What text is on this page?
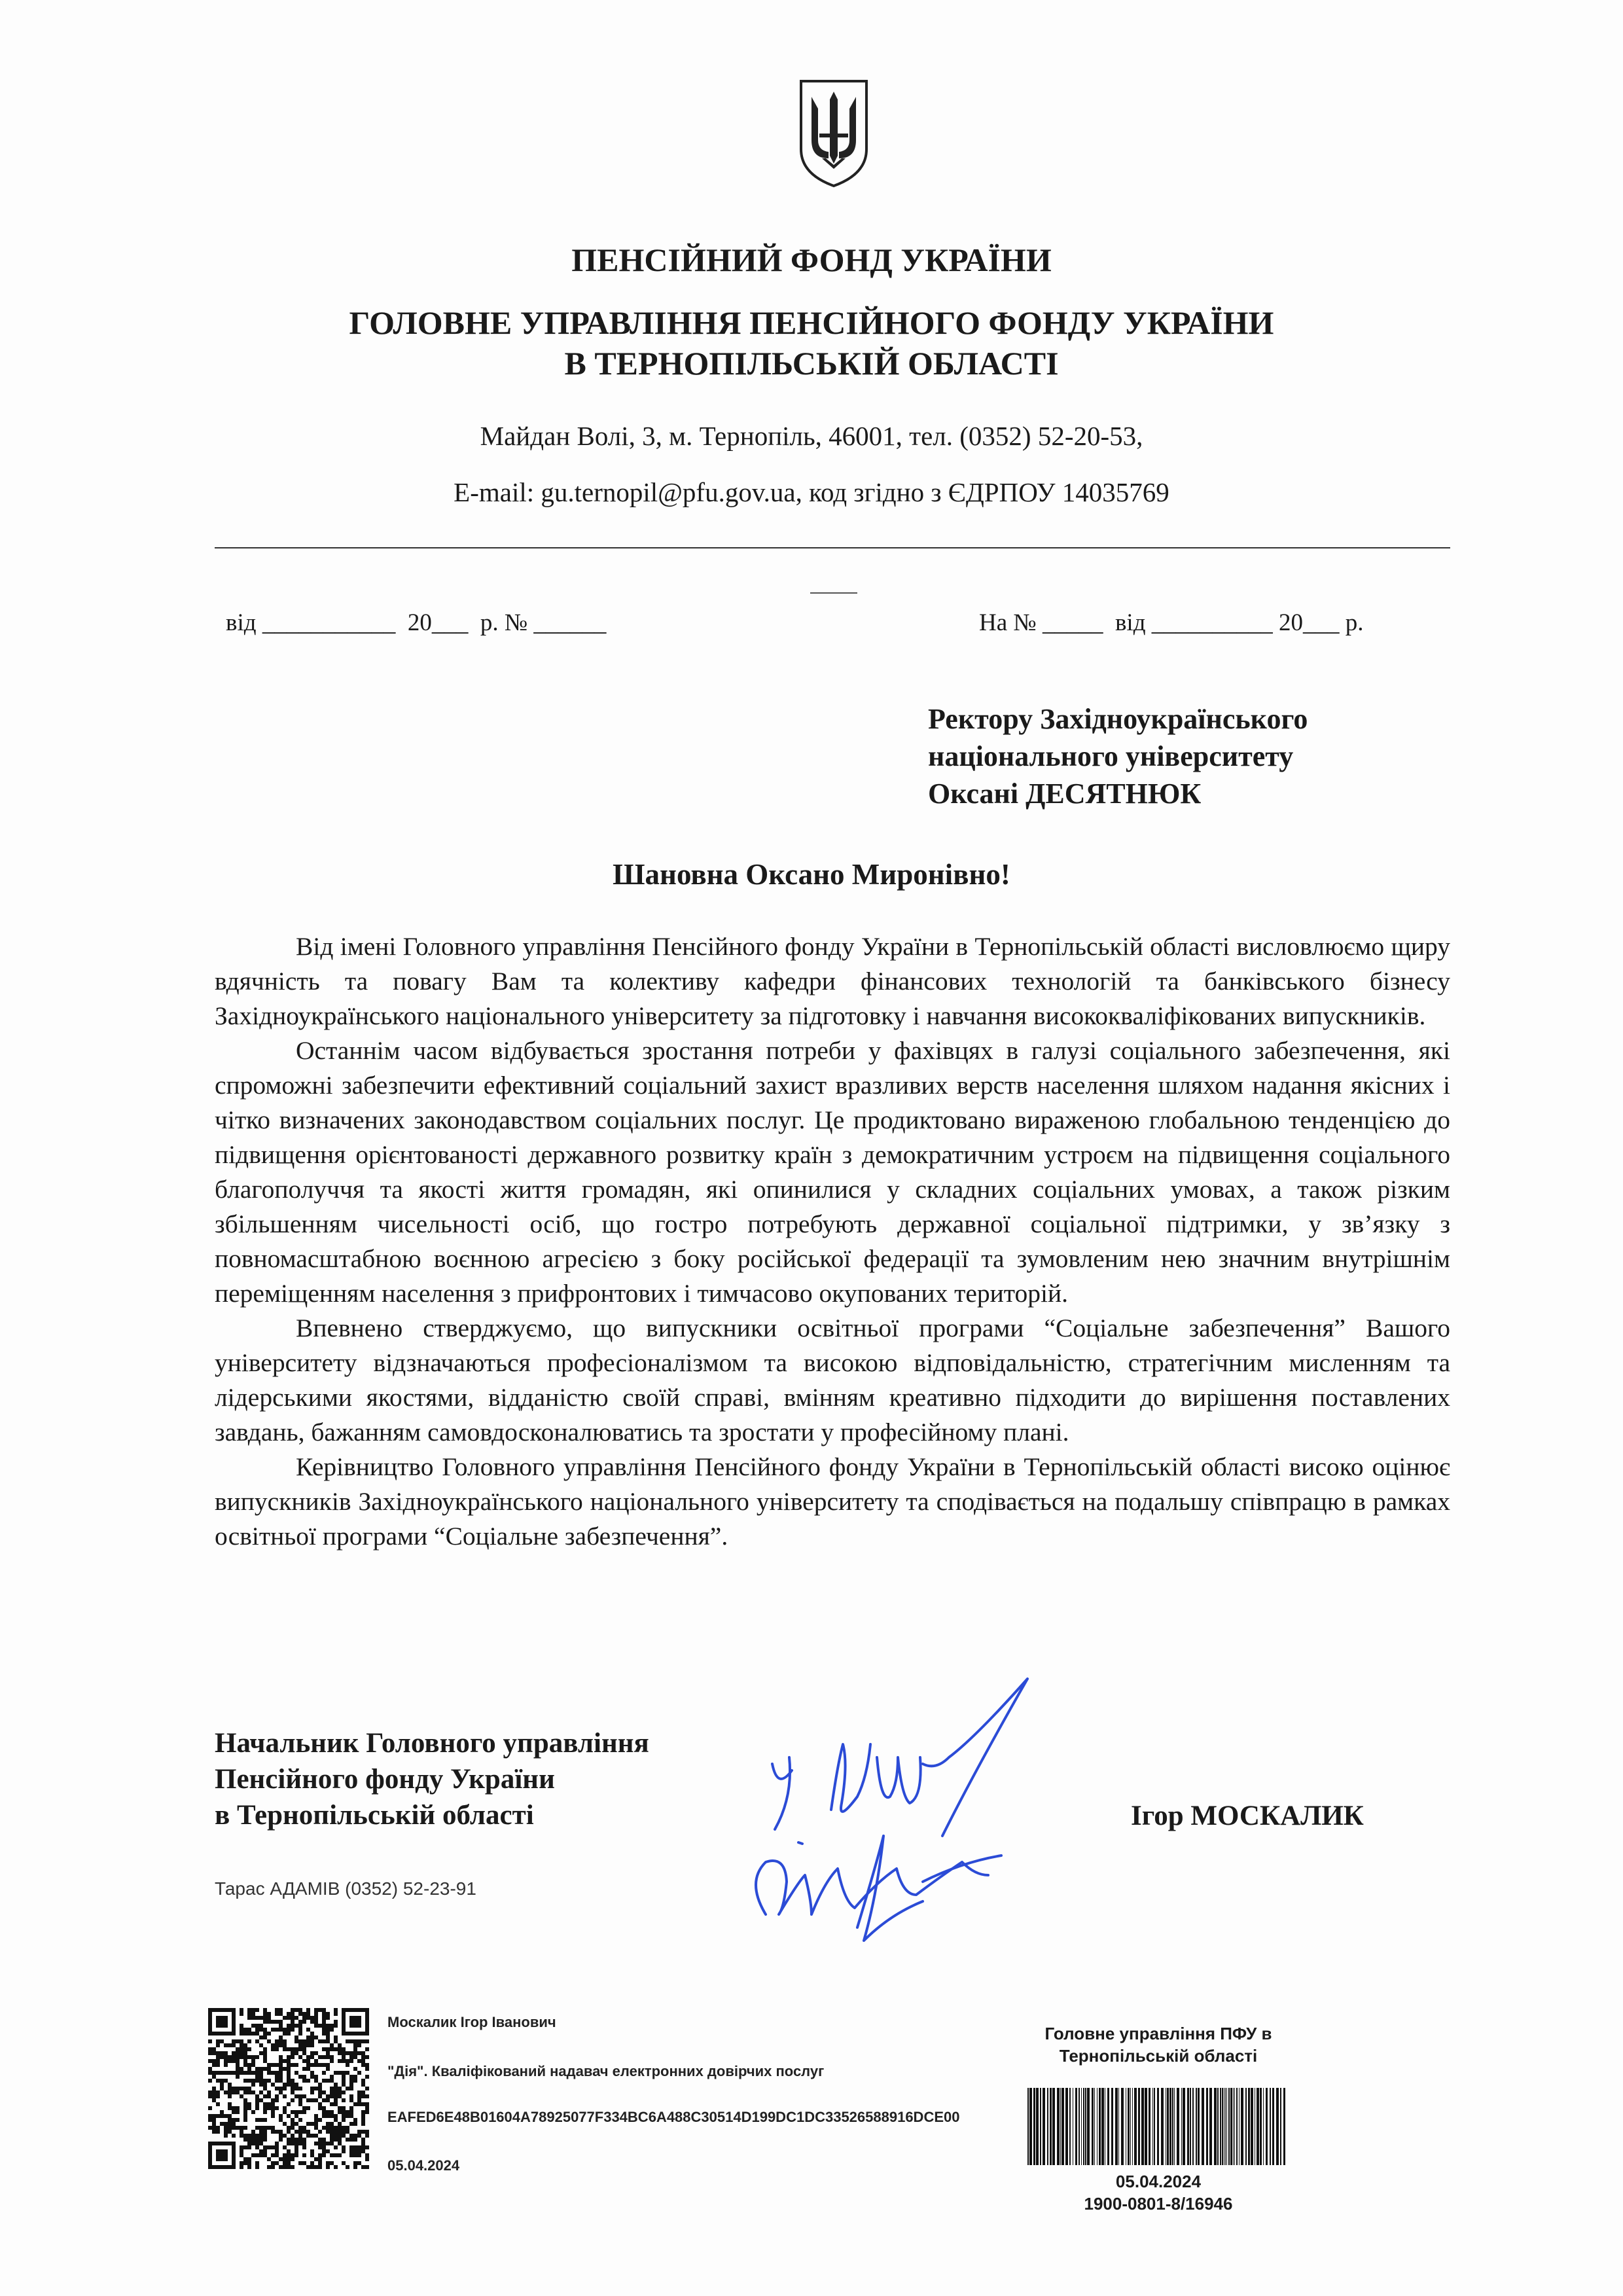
ПЕНСІЙНИЙ ФОНД УКРАЇНИ
ГОЛОВНЕ УПРАВЛІННЯ ПЕНСІЙНОГО ФОНДУ УКРАЇНИ
В ТЕРНОПІЛЬСЬКІЙ ОБЛАСТІ
Майдан Волі, 3, м. Тернопіль, 46001, тел. (0352) 52-20-53,
E-mail: gu.ternopil@pfu.gov.ua, код згідно з ЄДРПОУ 14035769
від ___________  20___  р. № ______	На № _____  від __________ 20___ р.
Ректору Західноукраїнського
національного університету
Оксані ДЕСЯТНЮК
Шановна Оксано Миронівно!

Від імені Головного управління Пенсійного фонду України в Тернопільській області висловлюємо щиру вдячність та повагу Вам та колективу кафедри фінансових технологій та банківського бізнесу Західноукраїнського національного університету за підготовку і навчання висококваліфікованих випускників.

Останнім часом відбувається зростання потреби у фахівцях в галузі соціального забезпечення, які спроможні забезпечити ефективний соціальний захист вразливих верств населення шляхом надання якісних і чітко визначених законодавством соціальних послуг. Це продиктовано вираженою глобальною тенденцією до підвищення орієнтованості державного розвитку країн з демократичним устроєм на підвищення соціального благополуччя та якості життя громадян, які опинилися у складних соціальних умовах, а також різким збільшенням чисельності осіб, що гостро потребують державної соціальної підтримки, у зв’язку з повномасштабною воєнною агресією з боку російської федерації та зумовленим нею значним внутрішнім переміщенням населення з прифронтових і тимчасово окупованих територій.

Впевнено стверджуємо, що випускники освітньої програми “Соціальне забезпечення” Вашого університету відзначаються професіоналізмом та високою відповідальністю, стратегічним мисленням та лідерськими якостями, відданістю своїй справі, вмінням креативно підходити до вирішення поставлених завдань, бажанням самовдосконалюватись та зростати у професійному плані.

Керівництво Головного управління Пенсійного фонду України в Тернопільській області високо оцінює випускників Західноукраїнського національного університету та сподівається на подальшу співпрацю в рамках освітньої програми “Соціальне забезпечення”.

Начальник Головного управління
Пенсійного фонду України
в Тернопільській області	Ігор МОСКАЛИК
Тарас АДАМІВ (0352) 52-23-91
Москалик Ігор Іванович
"Дія". Кваліфікований надавач електронних довірчих послуг
EAFED6E48B01604A78925077F334BC6A488C30514D199DC1DC33526588916DCE00
05.04.2024
Головне управління ПФУ в
Тернопільській області
05.04.2024
1900-0801-8/16946
